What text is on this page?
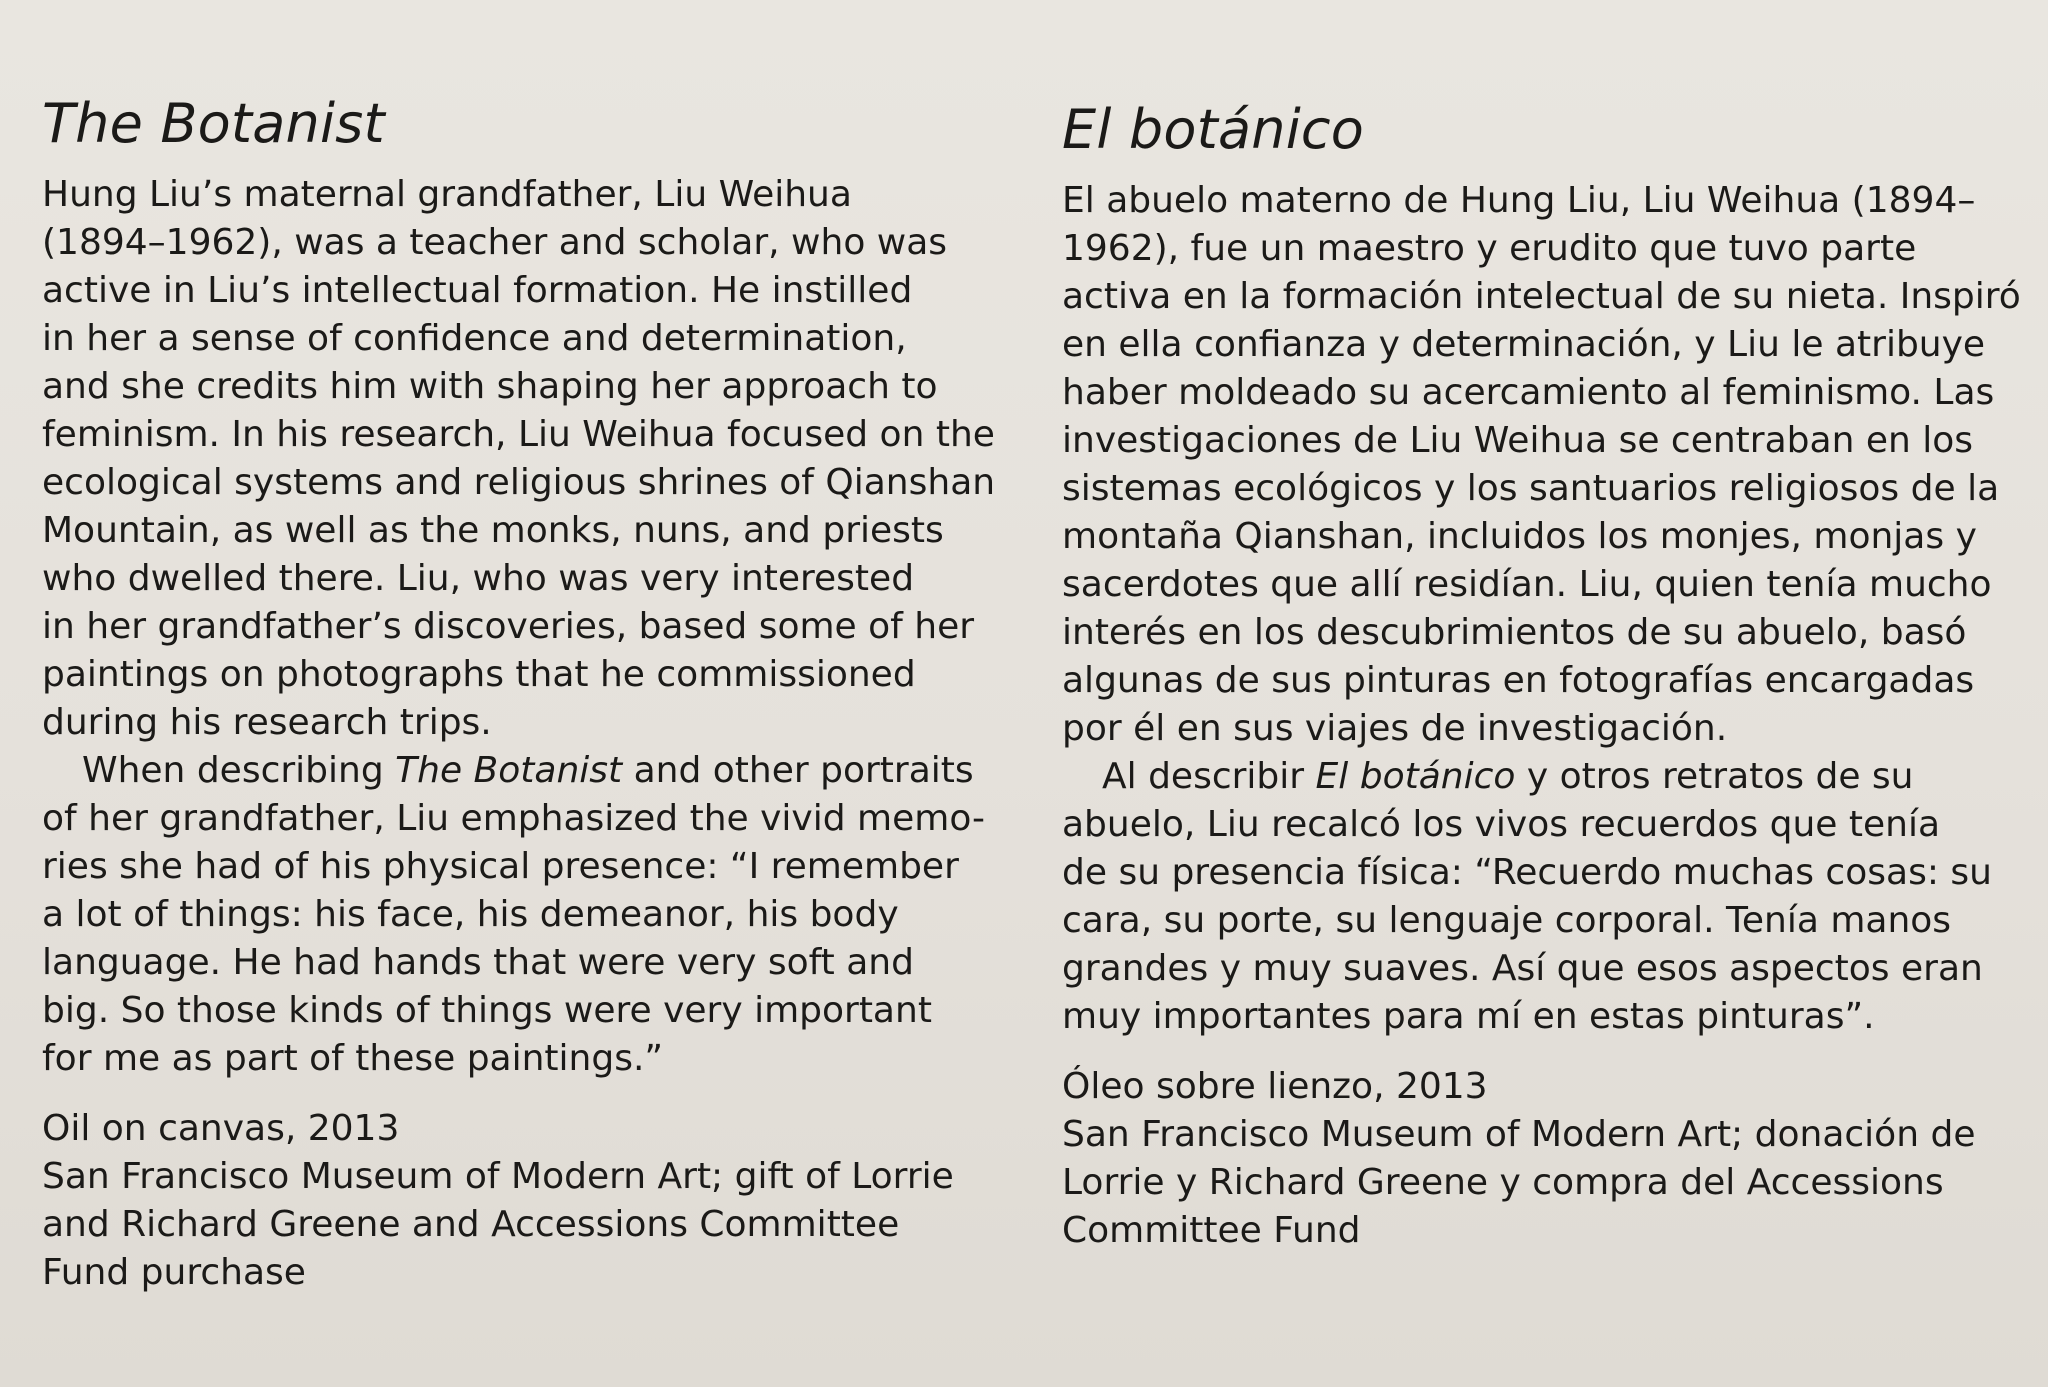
The Botanist

Hung Liu’s maternal grandfather, Liu Weihua
(1894–1962), was a teacher and scholar, who was
active in Liu’s intellectual formation. He instilled
in her a sense of confidence and determination,
and she credits him with shaping her approach to
feminism. In his research, Liu Weihua focused on the
ecological systems and religious shrines of Qianshan
Mountain, as well as the monks, nuns, and priests
who dwelled there. Liu, who was very interested
in her grandfather’s discoveries, based some of her
paintings on photographs that he commissioned
during his research trips.

When describing The Botanist and other portraits
of her grandfather, Liu emphasized the vivid memo-
ries she had of his physical presence: “I remember
a lot of things: his face, his demeanor, his body
language. He had hands that were very soft and
big. So those kinds of things were very important
for me as part of these paintings.”

Oil on canvas, 2013
San Francisco Museum of Modern Art; gift of Lorrie
and Richard Greene and Accessions Committee
Fund purchase
El botánico

El abuelo materno de Hung Liu, Liu Weihua (1894–
1962), fue un maestro y erudito que tuvo parte
activa en la formación intelectual de su nieta. Inspiró
en ella confianza y determinación, y Liu le atribuye
haber moldeado su acercamiento al feminismo. Las
investigaciones de Liu Weihua se centraban en los
sistemas ecológicos y los santuarios religiosos de la
montaña Qianshan, incluidos los monjes, monjas y
sacerdotes que allí residían. Liu, quien tenía mucho
interés en los descubrimientos de su abuelo, basó
algunas de sus pinturas en fotografías encargadas
por él en sus viajes de investigación.

Al describir El botánico y otros retratos de su
abuelo, Liu recalcó los vivos recuerdos que tenía
de su presencia física: “Recuerdo muchas cosas: su
cara, su porte, su lenguaje corporal. Tenía manos
grandes y muy suaves. Así que esos aspectos eran
muy importantes para mí en estas pinturas”.

Óleo sobre lienzo, 2013
San Francisco Museum of Modern Art; donación de
Lorrie y Richard Greene y compra del Accessions
Committee Fund
